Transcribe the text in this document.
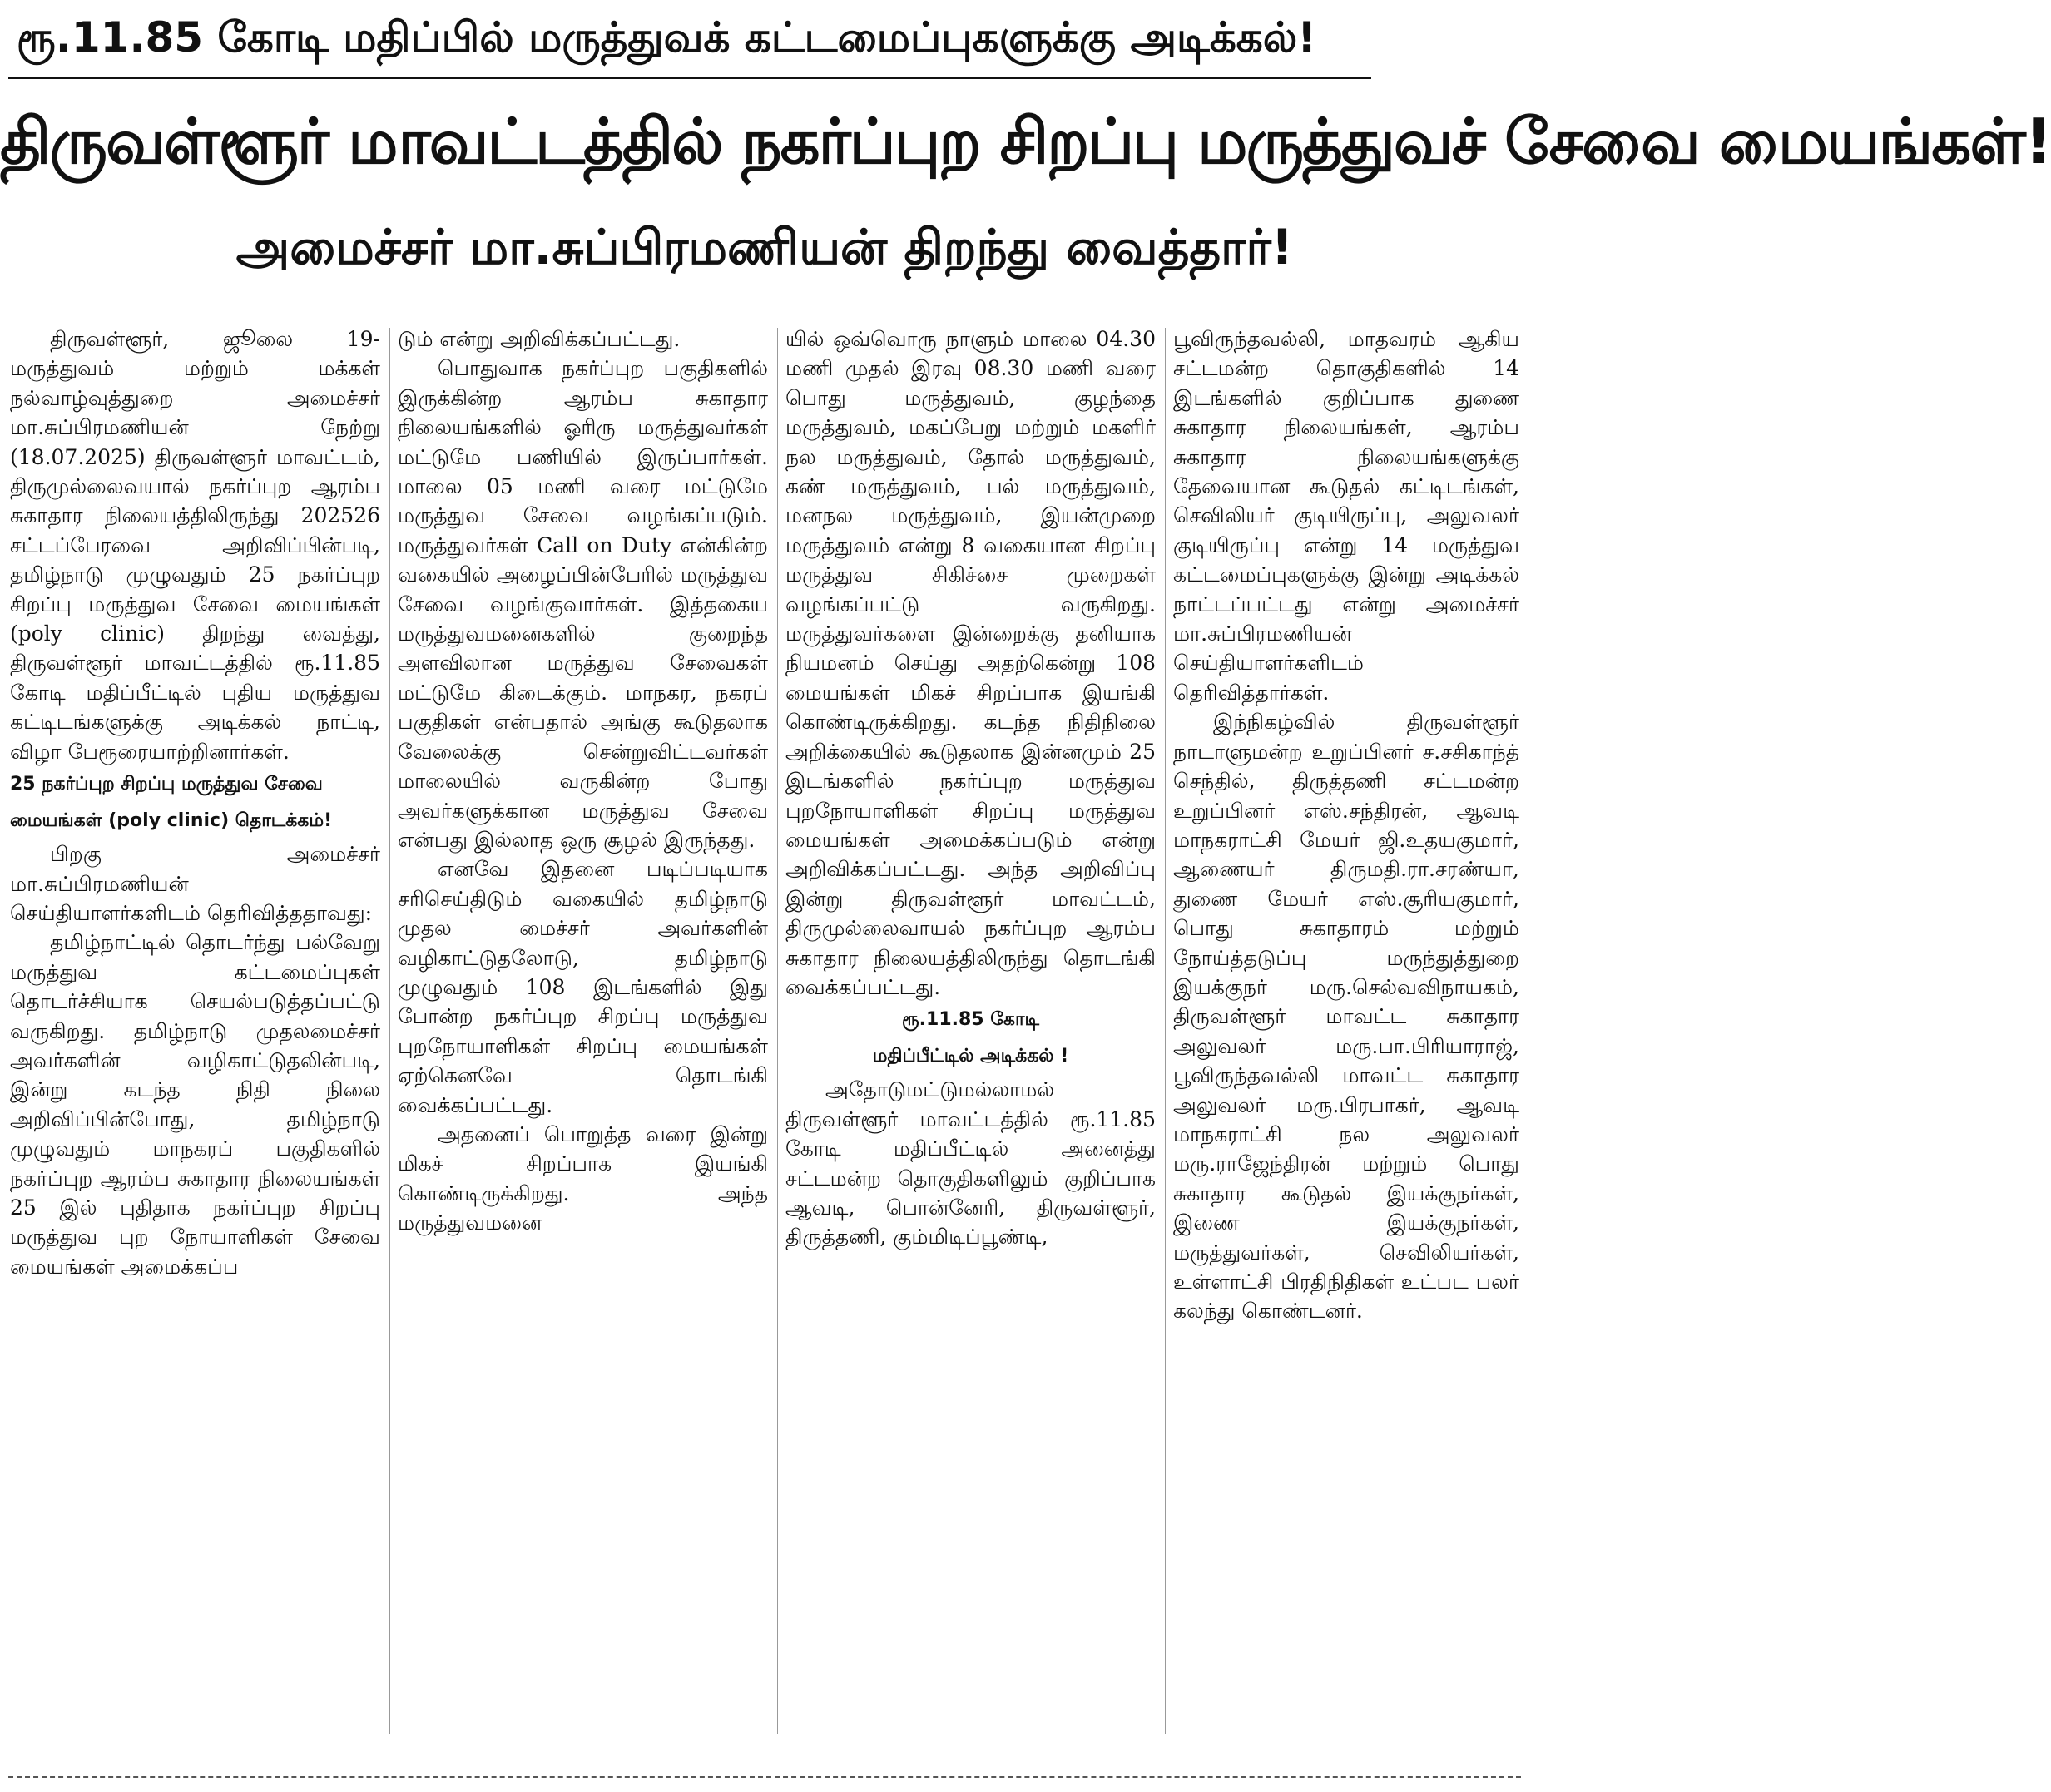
ரூ.11.85 கோடி மதிப்பில் மருத்துவக் கட்டமைப்புகளுக்கு அடிக்கல்!
திருவள்ளூர் மாவட்டத்தில் நகர்ப்புற சிறப்பு மருத்துவச் சேவை மையங்கள்!
அமைச்சர் மா.சுப்பிரமணியன் திறந்து வைத்தார்!

திருவள்ளூர், ஜூலை 19- மருத்துவம் மற்றும் மக்கள் நல்வாழ்வுத்துறை அமைச்சர் மா.சுப்பிரமணியன் நேற்று (18.07.2025) திருவள்ளூர் மாவட்டம், திருமுல்லைவயால் நகர்ப்புற ஆரம்ப சுகாதார நிலையத்திலிருந்து 202526 சட்டப்பேரவை அறிவிப்பின்படி, தமிழ்நாடு முழுவதும் 25 நகர்ப்புற சிறப்பு மருத்துவ சேவை மையங்கள் (poly clinic) திறந்து வைத்து, திருவள்ளூர் மாவட்டத்தில் ரூ.11.85 கோடி மதிப்பீட்டில் புதிய மருத்துவ கட்டிடங்களுக்கு அடிக்கல் நாட்டி, விழா பேரூரையாற்றினார்கள்.

25 நகர்ப்புற சிறப்பு மருத்துவ சேவை மையங்கள் (poly clinic) தொடக்கம்!

பிறகு அமைச்சர் மா.சுப்பிரமணியன் செய்தியாளர்களிடம் தெரிவித்ததாவது:

தமிழ்நாட்டில் தொடர்ந்து பல்வேறு மருத்துவ கட்டமைப்புகள் தொடர்ச்சியாக செயல்படுத்தப்பட்டு வருகிறது. தமிழ்நாடு முதலமைச்சர் அவர்களின் வழிகாட்டுதலின்படி, இன்று கடந்த நிதி நிலை அறிவிப்பின்போது, தமிழ்நாடு முழுவதும் மாநகரப் பகுதிகளில் நகர்ப்புற ஆரம்ப சுகாதார நிலையங்கள் 25 இல் புதிதாக நகர்ப்புற சிறப்பு மருத்துவ புற நோயாளிகள் சேவை மையங்கள் அமைக்கப்ப

டும் என்று அறிவிக்கப்பட்டது.

பொதுவாக நகர்ப்புற பகுதிகளில் இருக்கின்ற ஆரம்ப சுகாதார நிலையங்களில் ஓரிரு மருத்துவர்கள் மட்டுமே பணியில் இருப்பார்கள். மாலை 05 மணி வரை மட்டுமே மருத்துவ சேவை வழங்கப்படும். மருத்துவர்கள் Call on Duty என்கின்ற வகையில் அழைப்பின்பேரில் மருத்துவ சேவை வழங்குவார்கள். இத்தகைய மருத்துவமனைகளில் குறைந்த அளவிலான மருத்துவ சேவைகள் மட்டுமே கிடைக்கும். மாநகர, நகரப் பகுதிகள் என்பதால் அங்கு கூடுதலாக வேலைக்கு சென்றுவிட்டவர்கள் மாலையில் வருகின்ற போது அவர்களுக்கான மருத்துவ சேவை என்பது இல்லாத ஒரு சூழல் இருந்தது.

எனவே இதனை படிப்படியாக சரிசெய்திடும் வகையில் தமிழ்நாடு முதல மைச்சர் அவர்களின் வழிகாட்டுதலோடு, தமிழ்நாடு முழுவதும் 108 இடங்களில் இது போன்ற நகர்ப்புற சிறப்பு மருத்துவ புறநோயாளிகள் சிறப்பு மையங்கள் ஏற்கெனவே தொடங்கி வைக்கப்பட்டது.

அதனைப் பொறுத்த வரை இன்று மிகச் சிறப்பாக இயங்கி கொண்டிருக்கிறது. அந்த மருத்துவமனை

யில் ஒவ்வொரு நாளும் மாலை 04.30 மணி முதல் இரவு 08.30 மணி வரை பொது மருத்துவம், குழந்தை மருத்துவம், மகப்பேறு மற்றும் மகளிர் நல மருத்துவம், தோல் மருத்துவம், கண் மருத்துவம், பல் மருத்துவம், மனநல மருத்துவம், இயன்முறை மருத்துவம் என்று 8 வகையான சிறப்பு மருத்துவ சிகிச்சை முறைகள் வழங்கப்பட்டு வருகிறது. மருத்துவர்களை இன்றைக்கு தனியாக நியமனம் செய்து அதற்கென்று 108 மையங்கள் மிகச் சிறப்பாக இயங்கி கொண்டிருக்கிறது. கடந்த நிதிநிலை அறிக்கையில் கூடுதலாக இன்னமும் 25 இடங்களில் நகர்ப்புற மருத்துவ புறநோயாளிகள் சிறப்பு மருத்துவ மையங்கள் அமைக்கப்படும் என்று அறிவிக்கப்பட்டது. அந்த அறிவிப்பு இன்று திருவள்ளூர் மாவட்டம், திருமுல்லைவாயல் நகர்ப்புற ஆரம்ப சுகாதார நிலையத்திலிருந்து தொடங்கி வைக்கப்பட்டது.

ரூ.11.85 கோடி
மதிப்பீட்டில் அடிக்கல் !

அதோடுமட்டுமல்லாமல் திருவள்ளூர் மாவட்டத்தில் ரூ.11.85 கோடி மதிப்பீட்டில் அனைத்து சட்டமன்ற தொகுதிகளிலும் குறிப்பாக ஆவடி, பொன்னேரி, திருவள்ளூர், திருத்தணி, கும்மிடிப்பூண்டி,

பூவிருந்தவல்லி, மாதவரம் ஆகிய சட்டமன்ற தொகுதிகளில் 14 இடங்களில் குறிப்பாக துணை சுகாதார நிலையங்கள், ஆரம்ப சுகாதார நிலையங்களுக்கு தேவையான கூடுதல் கட்டிடங்கள், செவிலியர் குடியிருப்பு, அலுவலர் குடியிருப்பு என்று 14 மருத்துவ கட்டமைப்புகளுக்கு இன்று அடிக்கல் நாட்டப்பட்டது என்று அமைச்சர் மா.சுப்பிரமணியன் செய்தியாளர்களிடம் தெரிவித்தார்கள்.

இந்நிகழ்வில் திருவள்ளூர் நாடாளுமன்ற உறுப்பினர் ச.சசிகாந்த் செந்தில், திருத்தணி சட்டமன்ற உறுப்பினர் எஸ்.சந்திரன், ஆவடி மாநகராட்சி மேயர் ஜி.உதயகுமார், ஆணையர் திருமதி.ரா.சரண்யா, துணை மேயர் எஸ்.சூரியகுமார், பொது சுகாதாரம் மற்றும் நோய்த்தடுப்பு மருந்துத்துறை இயக்குநர் மரு.செல்வவிநாயகம், திருவள்ளூர் மாவட்ட சுகாதார அலுவலர் மரு.பா.பிரியாராஜ், பூவிருந்தவல்லி மாவட்ட சுகாதார அலுவலர் மரு.பிரபாகர், ஆவடி மாநகராட்சி நல அலுவலர் மரு.ராஜேந்திரன் மற்றும் பொது சுகாதார கூடுதல் இயக்குநர்கள், இணை இயக்குநர்கள், மருத்துவர்கள், செவிலியர்கள், உள்ளாட்சி பிரதிநிதிகள் உட்பட பலர் கலந்து கொண்டனர்.
